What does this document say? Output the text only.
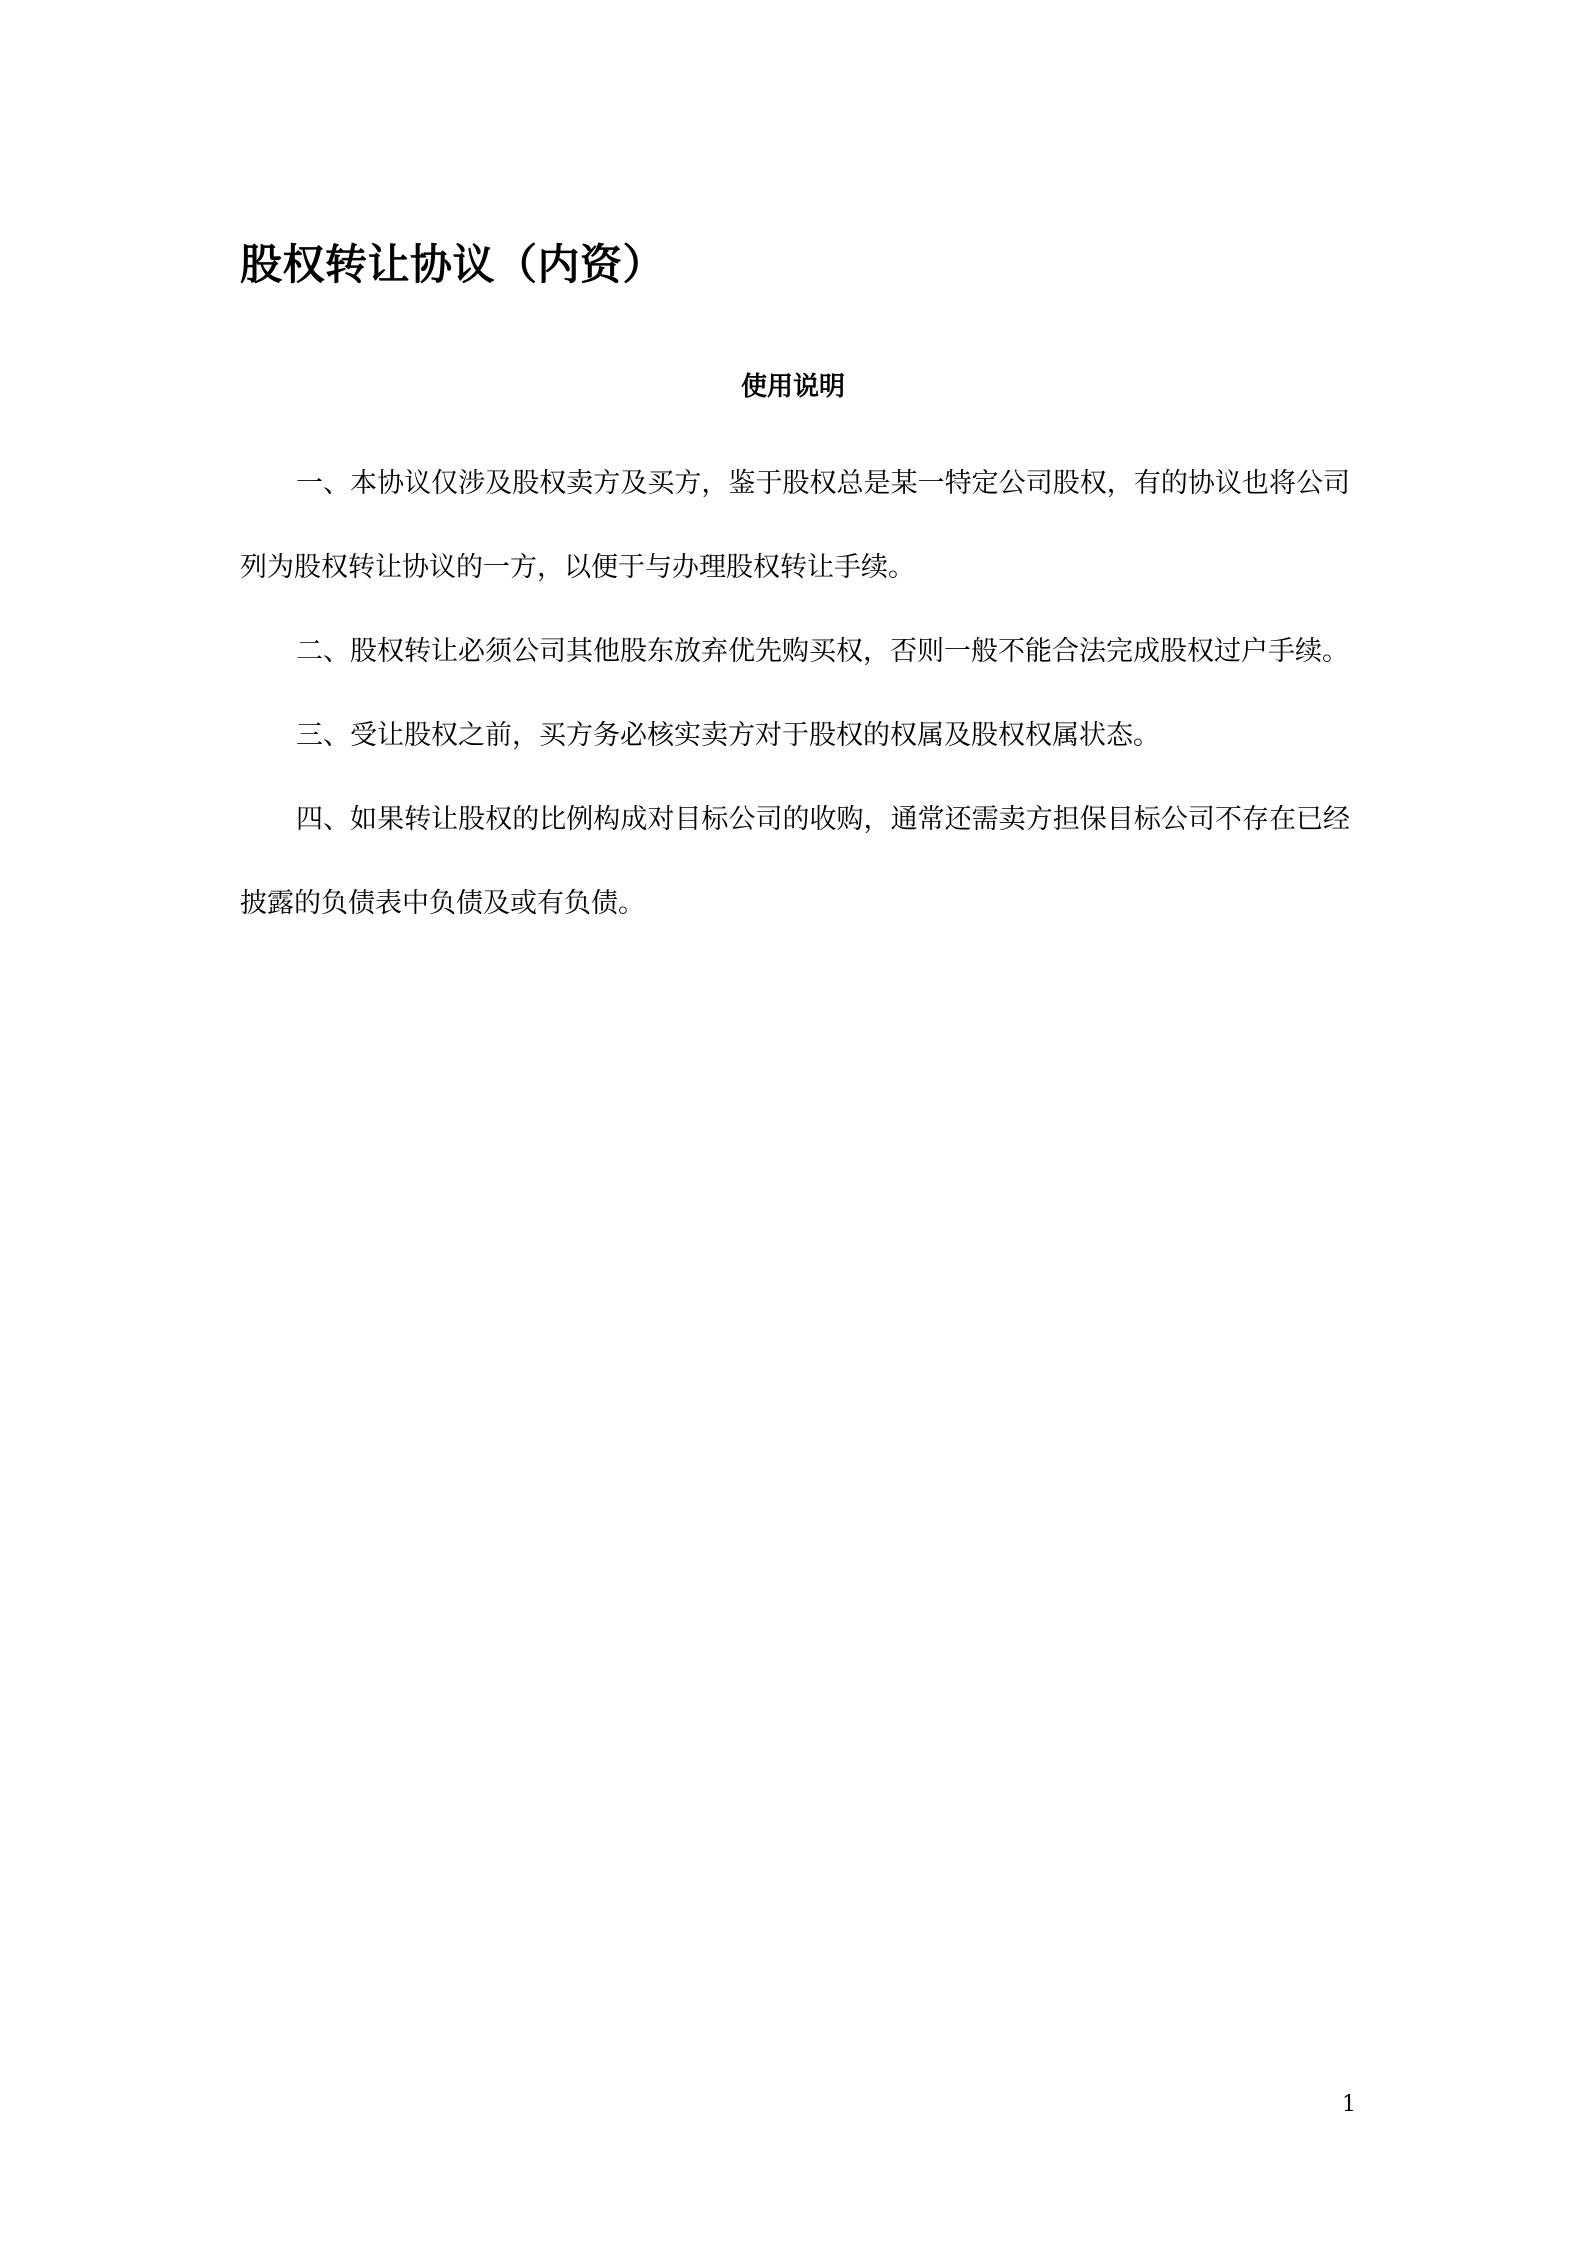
股权转让协议（内资）
使用说明

一、本协议仅涉及股权卖方及买方，鉴于股权总是某一特定公司股权，有的协议也将公司列为股权转让协议的一方，以便于与办理股权转让手续。

二、股权转让必须公司其他股东放弃优先购买权，否则一般不能合法完成股权过户手续。

三、受让股权之前，买方务必核实卖方对于股权的权属及股权权属状态。

四、如果转让股权的比例构成对目标公司的收购，通常还需卖方担保目标公司不存在已经披露的负债表中负债及或有负债。

1
